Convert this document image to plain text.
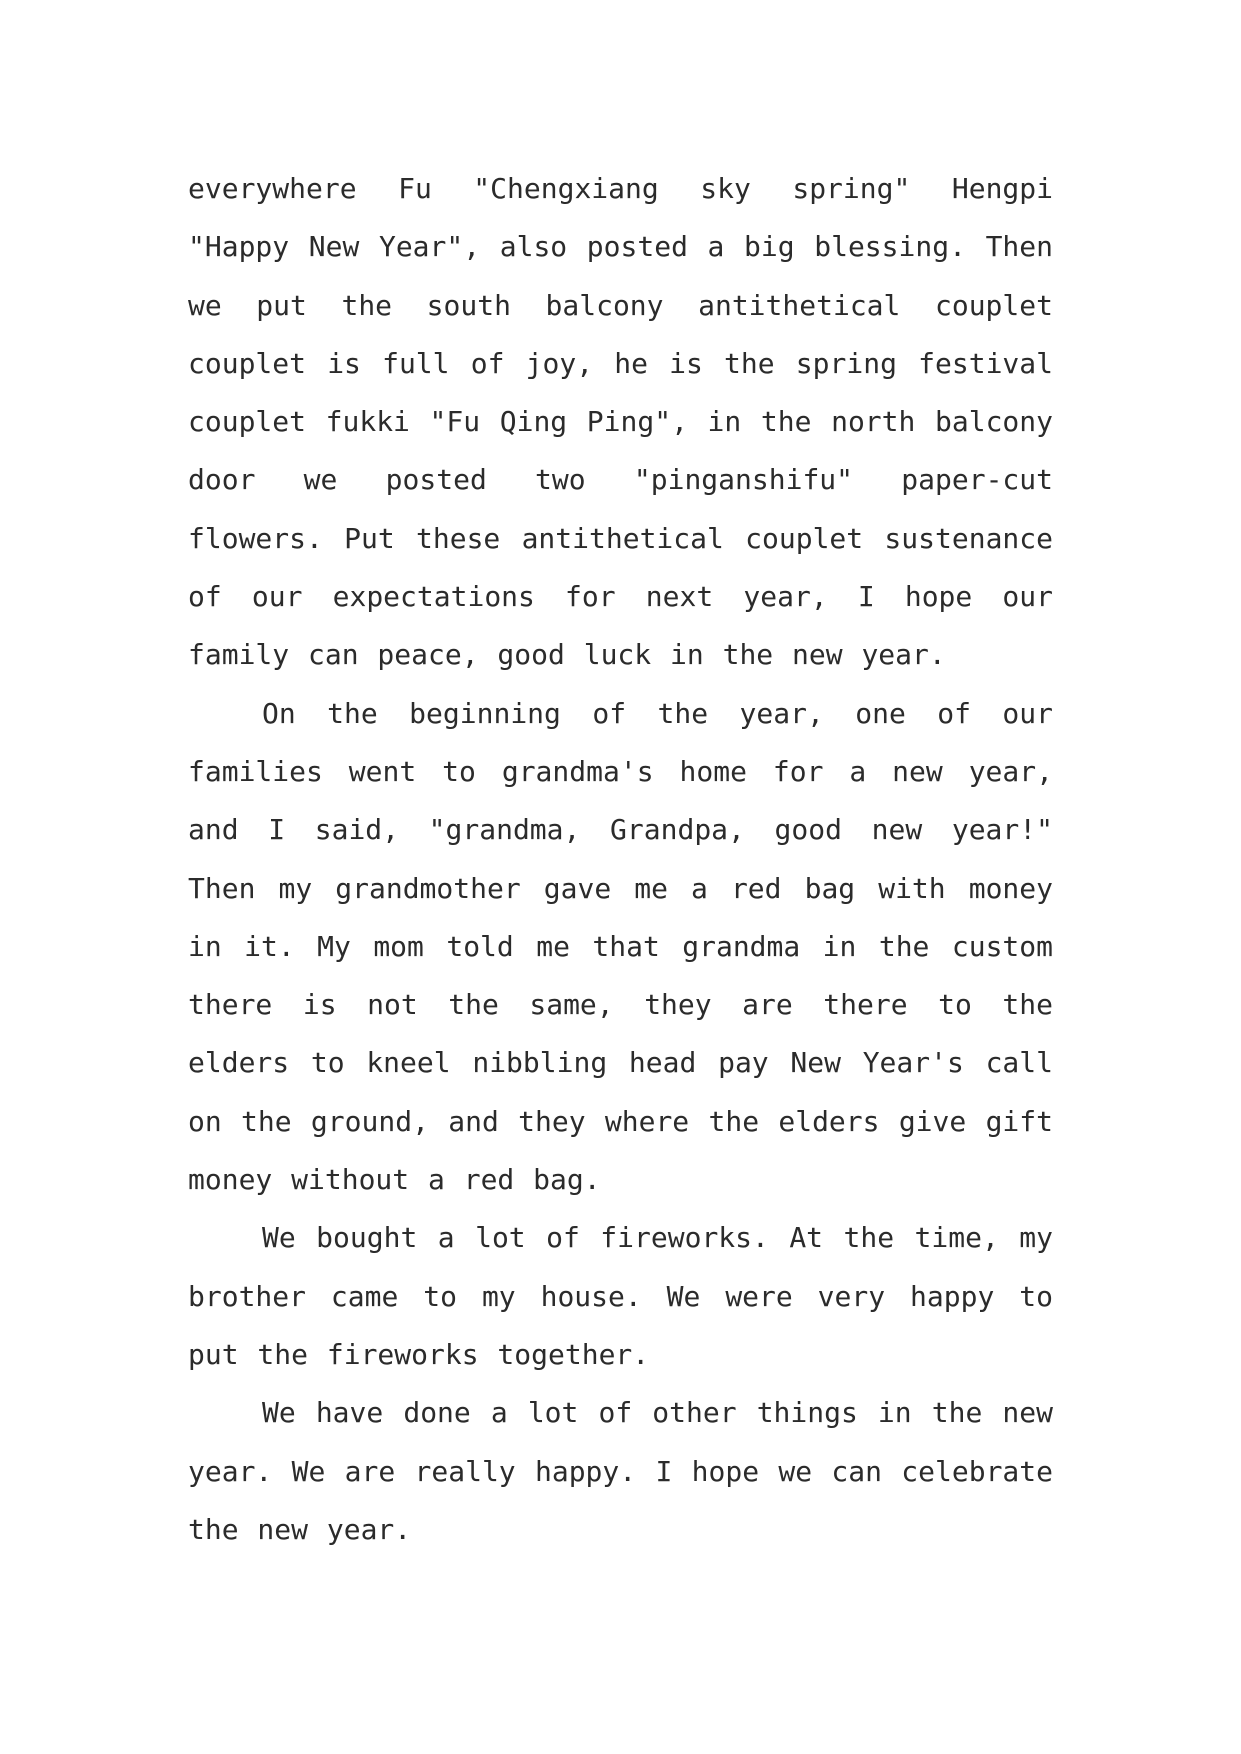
everywhere Fu "Chengxiang sky spring" Hengpi "Happy New Year", also posted a big blessing. Then we put the south balcony antithetical couplet couplet is full of joy, he is the spring festival couplet fukki "Fu Qing Ping", in the north balcony door we posted two "pinganshifu" paper-cut flowers. Put these antithetical couplet sustenance of our expectations for next year, I hope our family can peace, good luck in the new year.

On the beginning of the year, one of our families went to grandma's home for a new year, and I said, "grandma, Grandpa, good new year!" Then my grandmother gave me a red bag with money in it. My mom told me that grandma in the custom there is not the same, they are there to the elders to kneel nibbling head pay New Year's call on the ground, and they where the elders give gift money without a red bag.

We bought a lot of fireworks. At the time, my brother came to my house. We were very happy to put the fireworks together.

We have done a lot of other things in the new year. We are really happy. I hope we can celebrate the new year.
